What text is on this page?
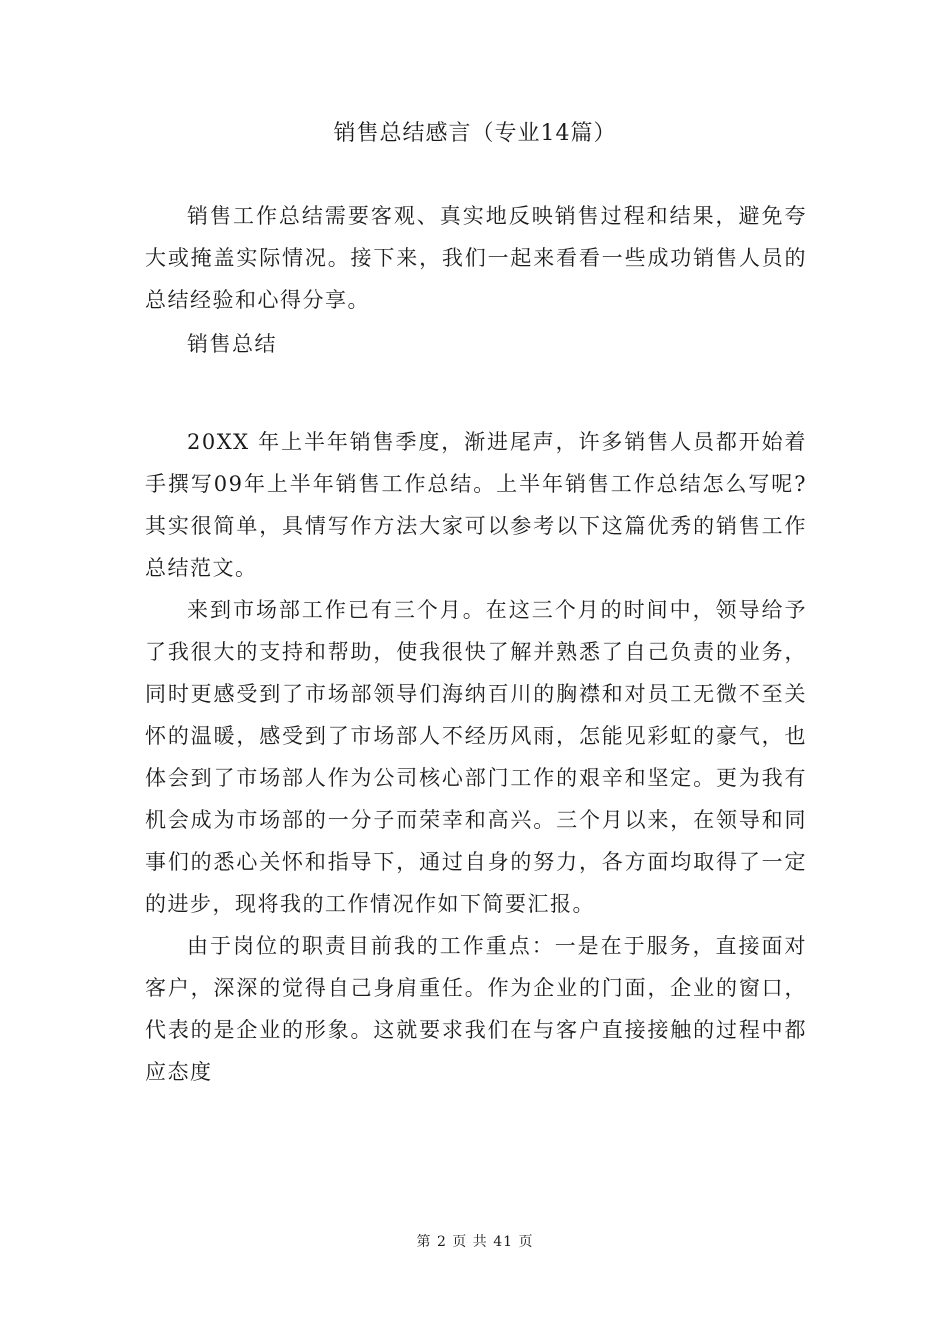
销售总结感言（专业14篇）

销售工作总结需要客观、真实地反映销售过程和结果，避免夸大或掩盖实际情况。接下来，我们一起来看看一些成功销售人员的总结经验和心得分享。

销售总结

20XX 年上半年销售季度，渐进尾声，许多销售人员都开始着手撰写09年上半年销售工作总结。上半年销售工作总结怎么写呢?其实很简单，具情写作方法大家可以参考以下这篇优秀的销售工作总结范文。

来到市场部工作已有三个月。在这三个月的时间中，领导给予了我很大的支持和帮助，使我很快了解并熟悉了自己负责的业务，同时更感受到了市场部领导们海纳百川的胸襟和对员工无微不至关怀的温暖，感受到了市场部人不经历风雨，怎能见彩虹的豪气，也体会到了市场部人作为公司核心部门工作的艰辛和坚定。更为我有机会成为市场部的一分子而荣幸和高兴。三个月以来，在领导和同事们的悉心关怀和指导下，通过自身的努力，各方面均取得了一定的进步，现将我的工作情况作如下简要汇报。

由于岗位的职责目前我的工作重点：一是在于服务，直接面对客户，深深的觉得自己身肩重任。作为企业的门面，企业的窗口，代表的是企业的形象。这就要求我们在与客户直接接触的过程中都应态度

第 2 页 共 41 页
